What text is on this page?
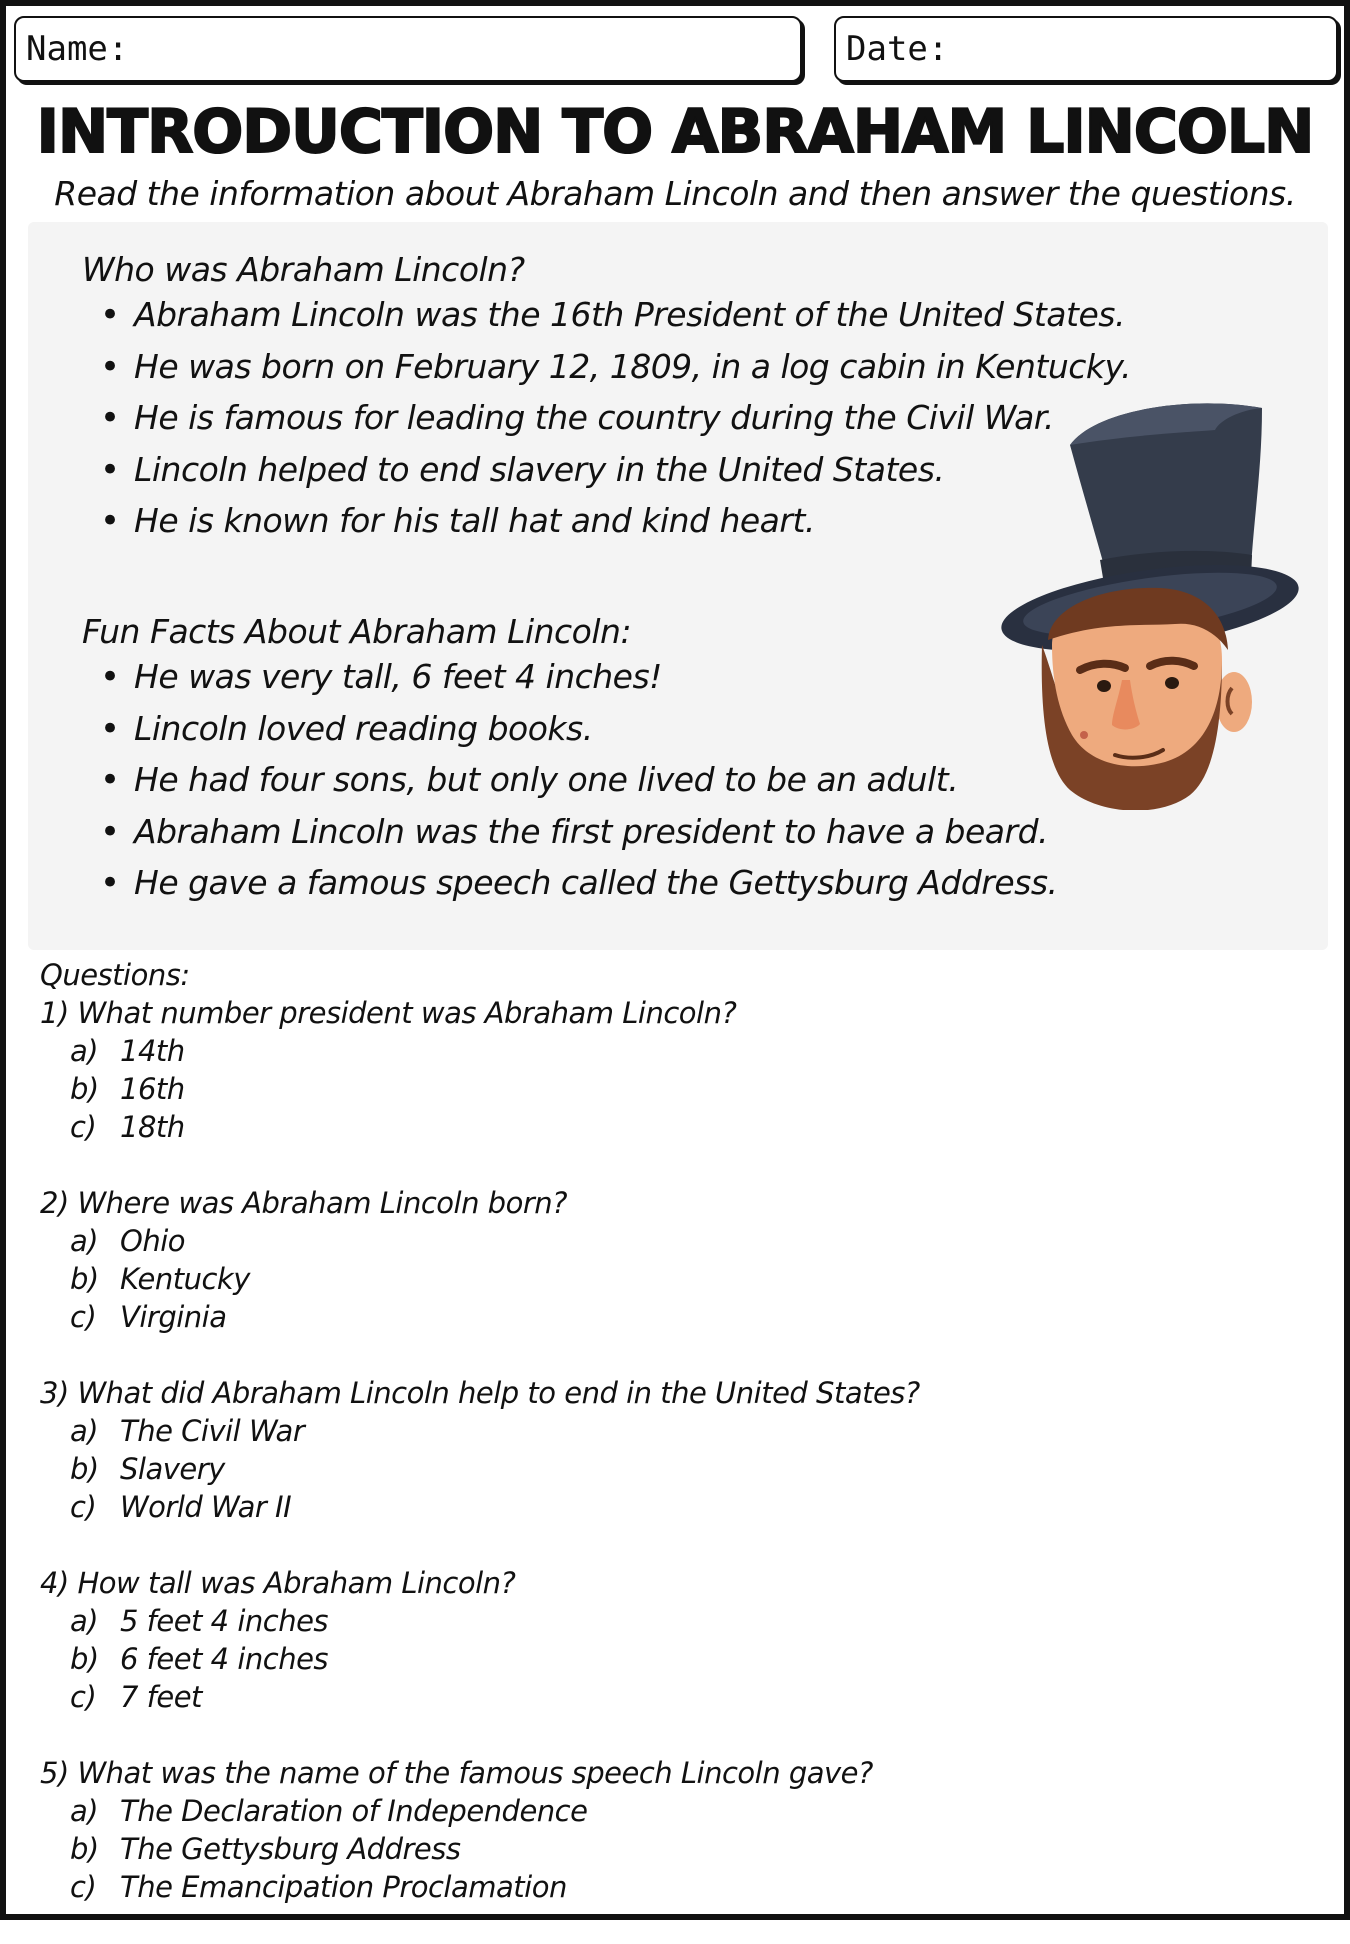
Name:	Date:
INTRODUCTION TO ABRAHAM LINCOLN
Read the information about Abraham Lincoln and then answer the questions.
Who was Abraham Lincoln?
• Abraham Lincoln was the 16th President of the United States.
• He was born on February 12, 1809, in a log cabin in Kentucky.
• He is famous for leading the country during the Civil War.
• Lincoln helped to end slavery in the United States.
• He is known for his tall hat and kind heart.
Fun Facts About Abraham Lincoln:
• He was very tall, 6 feet 4 inches!
• Lincoln loved reading books.
• He had four sons, but only one lived to be an adult.
• Abraham Lincoln was the first president to have a beard.
• He gave a famous speech called the Gettysburg Address.
Questions:
1) What number president was Abraham Lincoln?
a) 14th
b) 16th
c) 18th
2) Where was Abraham Lincoln born?
a) Ohio
b) Kentucky
c) Virginia
3) What did Abraham Lincoln help to end in the United States?
a) The Civil War
b) Slavery
c) World War II
4) How tall was Abraham Lincoln?
a) 5 feet 4 inches
b) 6 feet 4 inches
c) 7 feet
5) What was the name of the famous speech Lincoln gave?
a) The Declaration of Independence
b) The Gettysburg Address
c) The Emancipation Proclamation
